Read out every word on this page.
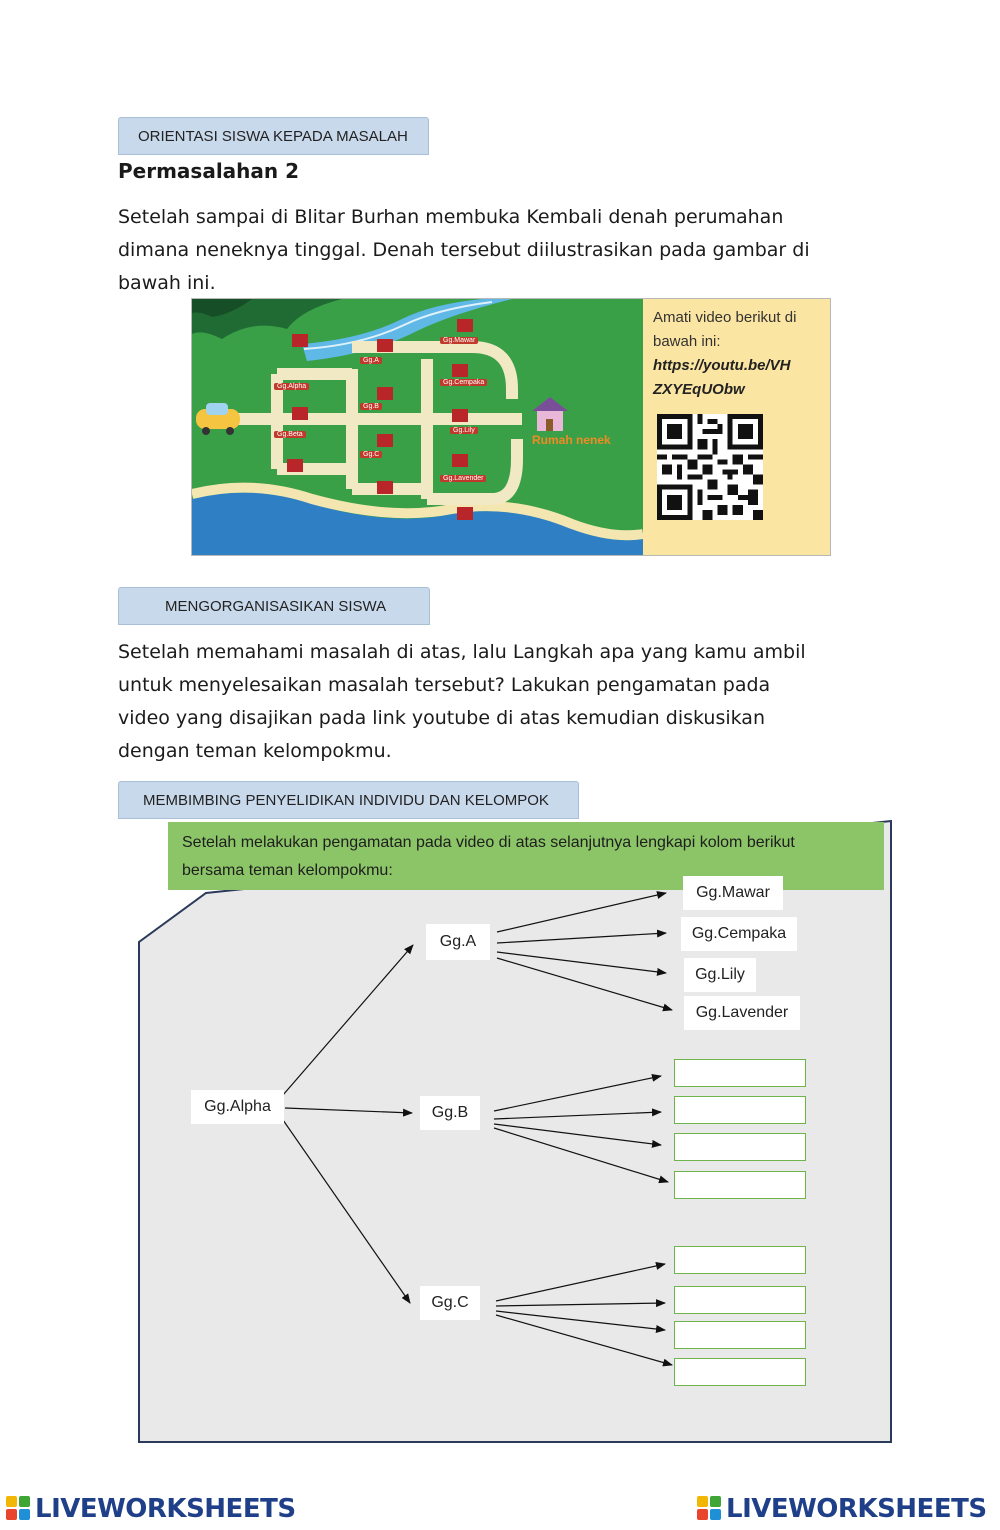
ORIENTASI SISWA KEPADA MASALAH
Permasalahan 2
Setelah sampai di Blitar Burhan membuka Kembali denah perumahan
dimana neneknya tinggal. Denah tersebut diilustrasikan pada gambar di
bawah ini.
Gg.Mawar
Gg.A
Gg.Alpha
Gg.Cempaka
Gg.B
Gg.Beta
Gg.C
Gg.Lily
Gg.Lavender
Rumah nenek
Amati video berikut di
bawah ini:
https://youtu.be/VH
ZXYEqUObw
MENGORGANISASIKAN SISWA
Setelah memahami masalah di atas, lalu Langkah apa yang kamu ambil
untuk menyelesaikan masalah tersebut? Lakukan pengamatan pada
video yang disajikan pada link youtube di atas kemudian diskusikan
dengan teman kelompokmu.
MEMBIMBING PENYELIDIKAN INDIVIDU DAN KELOMPOK
Setelah melakukan pengamatan pada video di atas selanjutnya lengkapi kolom berikut
bersama teman kelompokmu:
Gg.Alpha
Gg.A
Gg.B
Gg.C
Gg.Mawar
Gg.Cempaka
Gg.Lily
Gg.Lavender
LIVEWORKSHEETS	LIVEWORKSHEETS
